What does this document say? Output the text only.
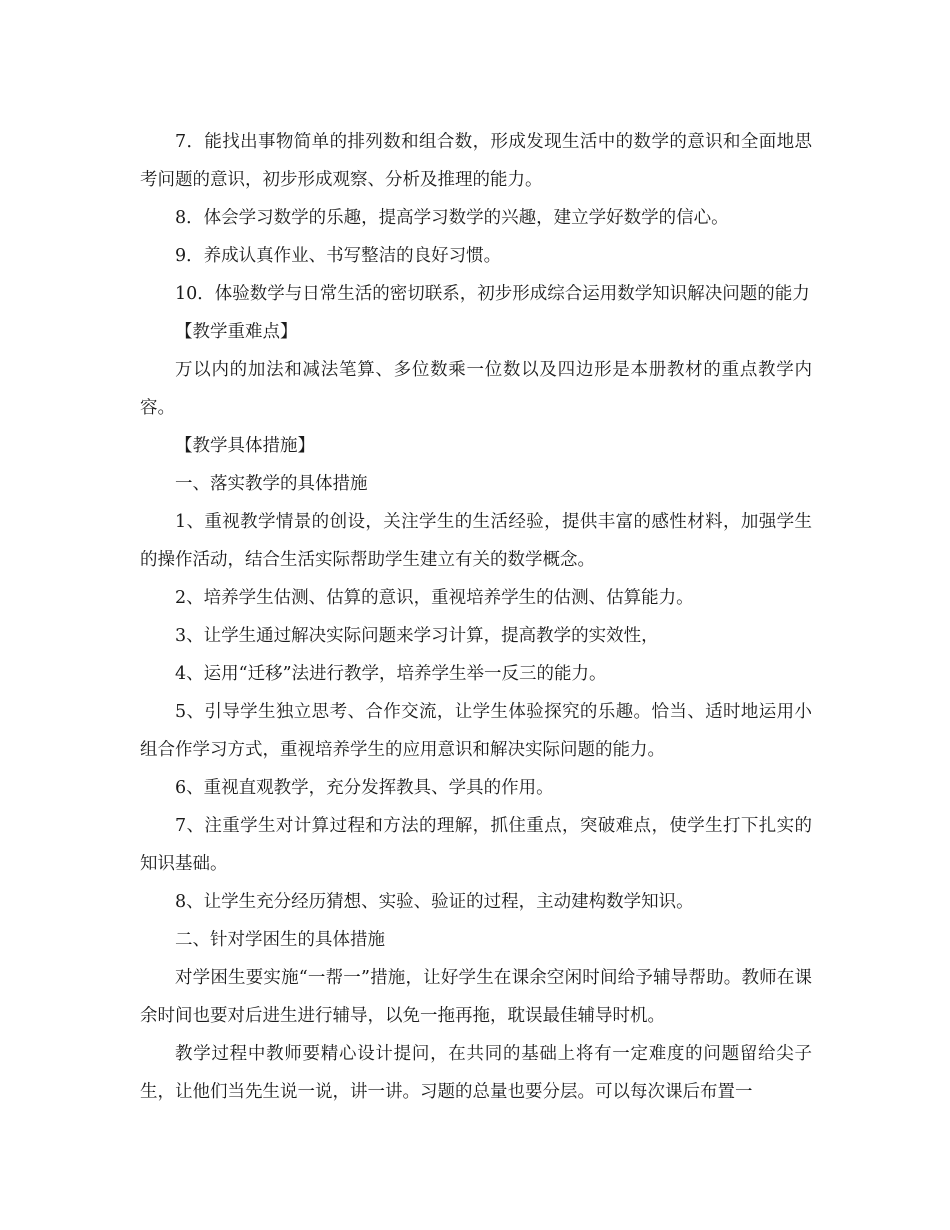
7．能找出事物简单的排列数和组合数，形成发现生活中的数学的意识和全面地思考问题的意识，初步形成观察、分析及推理的能力。

8．体会学习数学的乐趣，提高学习数学的兴趣，建立学好数学的信心。

9．养成认真作业、书写整洁的良好习惯。

10．体验数学与日常生活的密切联系，初步形成综合运用数学知识解决问题的能力

【教学重难点】

万以内的加法和减法笔算、多位数乘一位数以及四边形是本册教材的重点教学内容。

【教学具体措施】

一、落实教学的具体措施

1、重视教学情景的创设，关注学生的生活经验，提供丰富的感性材料，加强学生的操作活动，结合生活实际帮助学生建立有关的数学概念。

2、培养学生估测、估算的意识，重视培养学生的估测、估算能力。

3、让学生通过解决实际问题来学习计算，提高教学的实效性，

4、运用“迁移”法进行教学，培养学生举一反三的能力。

5、引导学生独立思考、合作交流，让学生体验探究的乐趣。恰当、适时地运用小组合作学习方式，重视培养学生的应用意识和解决实际问题的能力。

6、重视直观教学，充分发挥教具、学具的作用。

7、注重学生对计算过程和方法的理解，抓住重点，突破难点，使学生打下扎实的知识基础。

8、让学生充分经历猜想、实验、验证的过程，主动建构数学知识。

二、针对学困生的具体措施

对学困生要实施“一帮一”措施，让好学生在课余空闲时间给予辅导帮助。教师在课余时间也要对后进生进行辅导，以免一拖再拖，耽误最佳辅导时机。

教学过程中教师要精心设计提问，在共同的基础上将有一定难度的问题留给尖子生，让他们当先生说一说，讲一讲。习题的总量也要分层。可以每次课后布置一
